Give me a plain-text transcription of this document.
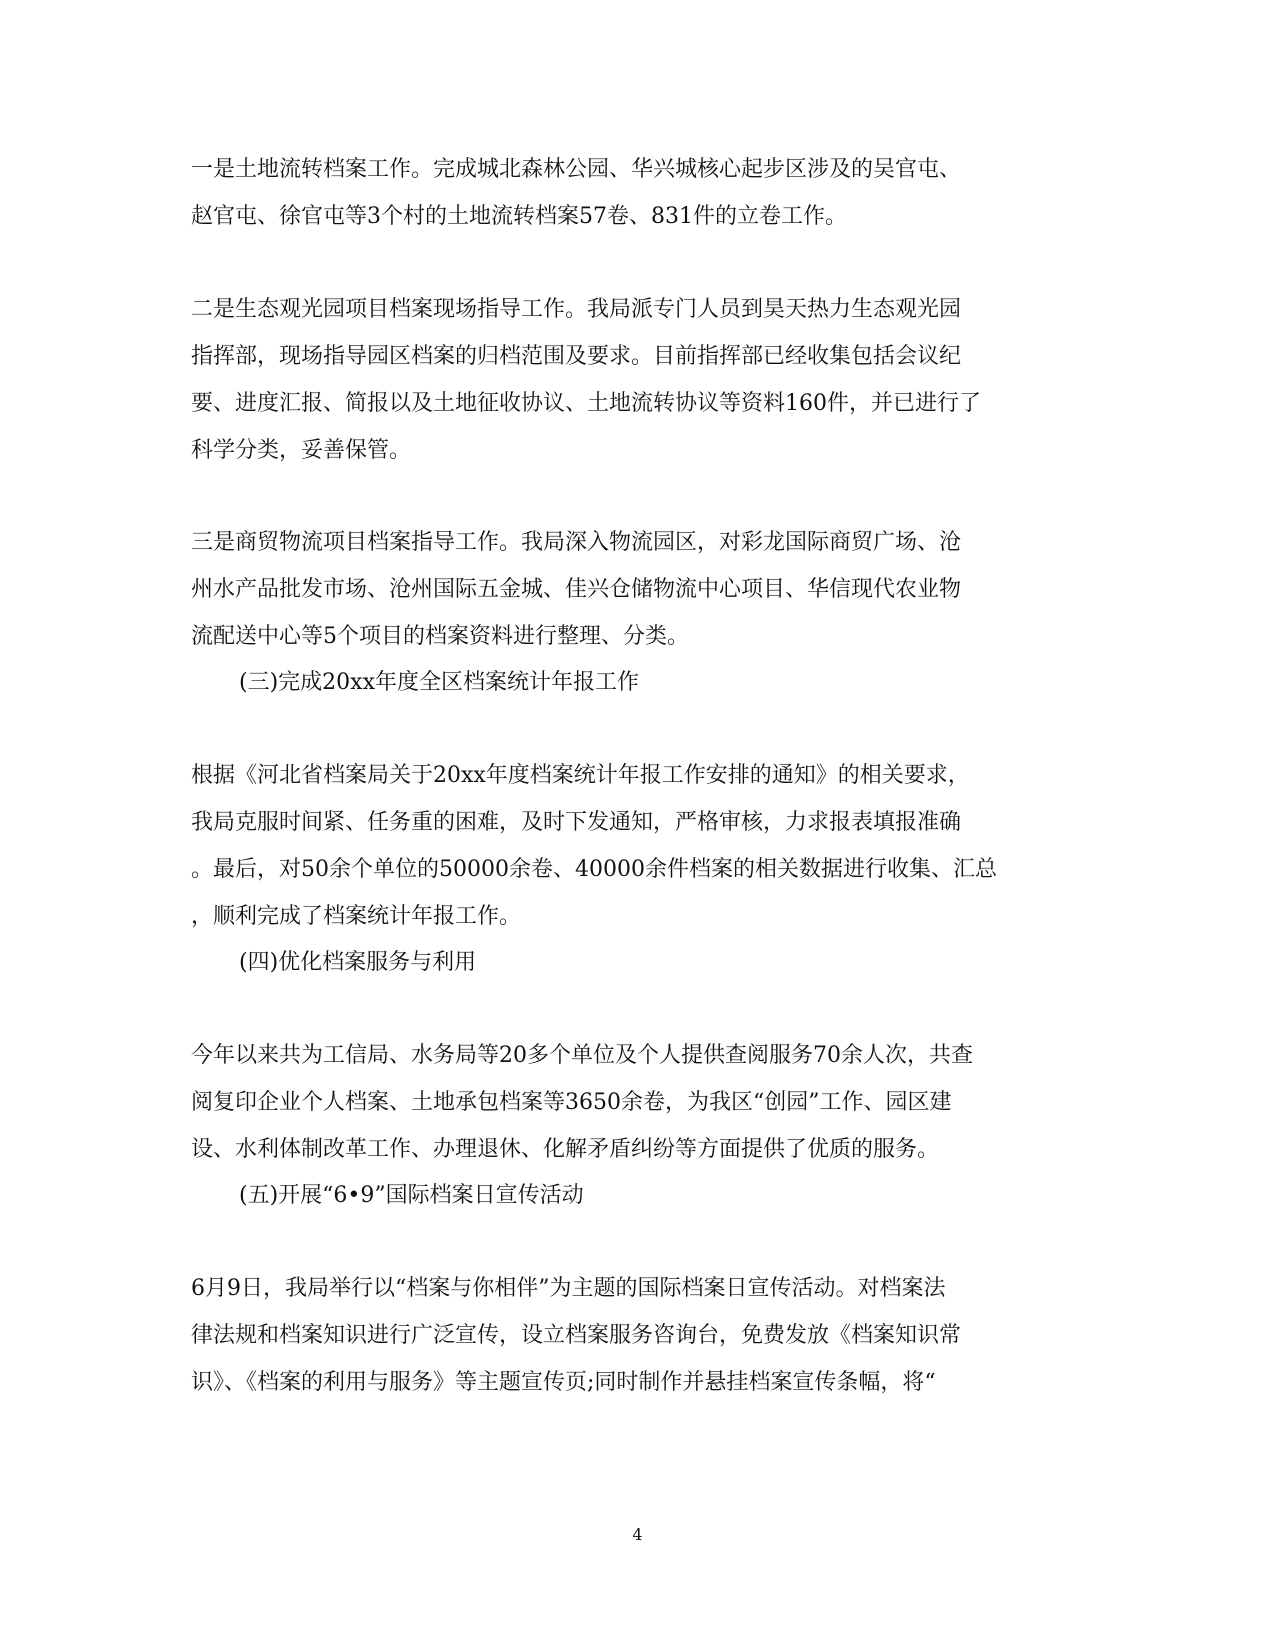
一是土地流转档案工作。完成城北森林公园、华兴城核心起步区涉及的吴官屯、
赵官屯、徐官屯等3个村的土地流转档案57卷、831件的立卷工作。
二是生态观光园项目档案现场指导工作。我局派专门人员到昊天热力生态观光园
指挥部，现场指导园区档案的归档范围及要求。目前指挥部已经收集包括会议纪
要、进度汇报、简报以及土地征收协议、土地流转协议等资料160件，并已进行了
科学分类，妥善保管。
三是商贸物流项目档案指导工作。我局深入物流园区，对彩龙国际商贸广场、沧
州水产品批发市场、沧州国际五金城、佳兴仓储物流中心项目、华信现代农业物
流配送中心等5个项目的档案资料进行整理、分类。
(三)完成20xx年度全区档案统计年报工作
根据《河北省档案局关于20xx年度档案统计年报工作安排的通知》的相关要求，
我局克服时间紧、任务重的困难，及时下发通知，严格审核，力求报表填报准确
。最后，对50余个单位的50000余卷、40000余件档案的相关数据进行收集、汇总
，顺利完成了档案统计年报工作。
(四)优化档案服务与利用
今年以来共为工信局、水务局等20多个单位及个人提供查阅服务70余人次，共查
阅复印企业个人档案、土地承包档案等3650余卷，为我区“创园”工作、园区建
设、水利体制改革工作、办理退休、化解矛盾纠纷等方面提供了优质的服务。
(五)开展“6•9”国际档案日宣传活动
6月9日，我局举行以“档案与你相伴”为主题的国际档案日宣传活动。对档案法
律法规和档案知识进行广泛宣传，设立档案服务咨询台，免费发放《档案知识常
识》、《档案的利用与服务》等主题宣传页;同时制作并悬挂档案宣传条幅，将“
4
